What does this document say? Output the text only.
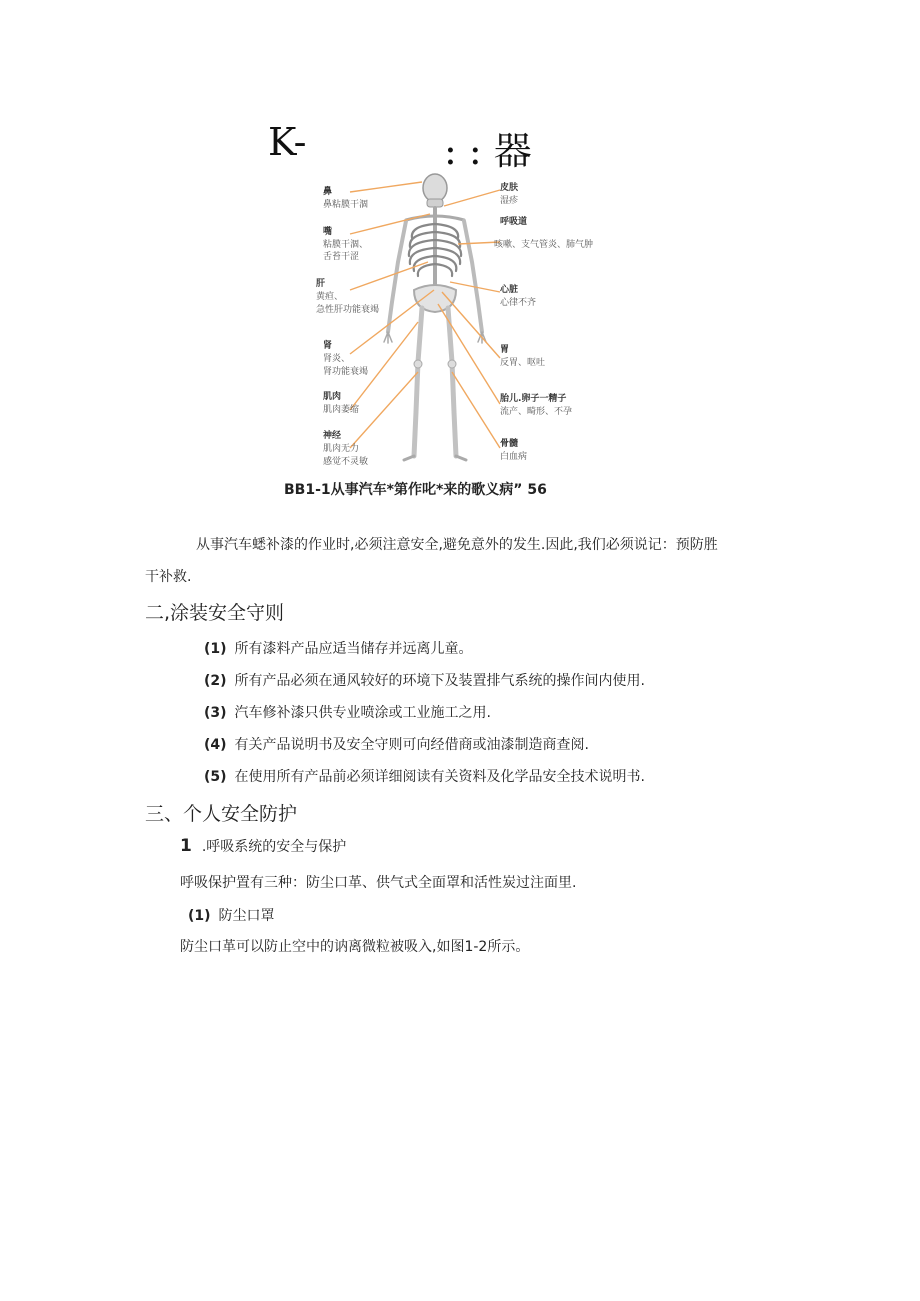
K-	: : 器
鼻
鼻粘膜干涸
嘴
粘膜干涸、
舌苔干涩
肝
黄疸、
急性肝功能衰竭
肾
肾炎、
肾功能衰竭
肌肉
肌肉萎缩
神经
肌肉无力
感觉不灵敏
皮肤
湿疹
呼吸道
咳嗽、支气管炎、肺气肿
心脏
心律不齐
胃
反胃、呕吐
胎儿.卵子一精子
流产、畸形、不孕
骨髓
白血病
BB1-1从事汽车*第作叱*来的歌义病” 56
从事汽车蟋补漆的作业时,必须注意安全,避免意外的发生.因此,我们必须说记：预防胜
干补救.
二,涂装安全守则
(1) 所有漆料产品应适当储存并远离儿童。
(2) 所有产品必须在通风较好的环境下及装置排气系统的操作间内使用.
(3) 汽车修补漆只供专业喷涂或工业施工之用.
(4) 有关产品说明书及安全守则可向经借商或油漆制造商查阅.
(5) 在使用所有产品前必须详细阅读有关资料及化学品安全技术说明书.
三、个人安全防护
1 .呼吸系统的安全与保护
呼吸保护置有三种：防尘口革、供气式全面罩和活性炭过注面里.
(1) 防尘口罩
防尘口革可以防止空中的讷离微粒被吸入,如图1-2所示。
